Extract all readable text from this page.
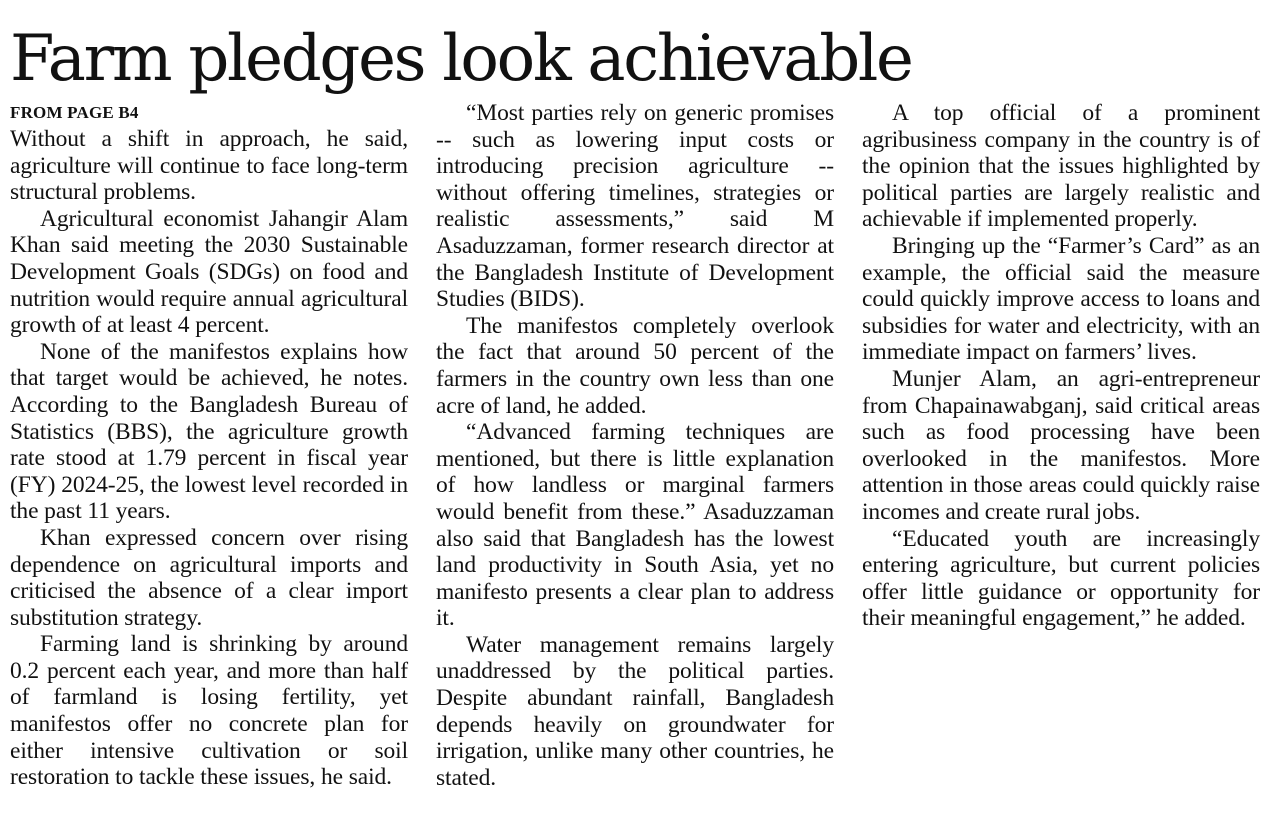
Farm pledges look achievable
FROM PAGE B4

Without a shift in approach, he said, agriculture will continue to face long-term structural problems.

Agricultural economist Jahangir Alam Khan said meeting the 2030 Sustainable Development Goals (SDGs) on food and nutrition would require annual agricultural growth of at least 4 percent.

None of the manifestos explains how that target would be achieved, he notes. According to the Bangladesh Bureau of Statistics (BBS), the agriculture growth rate stood at 1.79 percent in fiscal year (FY) 2024-25, the lowest level recorded in the past 11 years.

Khan expressed concern over rising dependence on agricultural imports and criticised the absence of a clear import substitution strategy.

Farming land is shrinking by around 0.2 percent each year, and more than half of farmland is losing fertility, yet manifestos offer no concrete plan for either intensive cultivation or soil restoration to tackle these issues, he said.

“Most parties rely on generic promises -- such as lowering input costs or introducing precision agriculture -- without offering timelines, strategies or realistic assessments,” said M Asaduzzaman, former research director at the Bangladesh Institute of Development Studies (BIDS).

The manifestos completely overlook the fact that around 50 percent of the farmers in the country own less than one acre of land, he added.

“Advanced farming techniques are mentioned, but there is little explanation of how landless or marginal farmers would benefit from these.” Asaduzzaman also said that Bangladesh has the lowest land productivity in South Asia, yet no manifesto presents a clear plan to address it.

Water management remains largely unaddressed by the political parties. Despite abundant rainfall, Bangladesh depends heavily on groundwater for irrigation, unlike many other countries, he stated.

A top official of a prominent agribusiness company in the country is of the opinion that the issues highlighted by political parties are largely realistic and achievable if implemented properly.

Bringing up the “Farmer’s Card” as an example, the official said the measure could quickly improve access to loans and subsidies for water and electricity, with an immediate impact on farmers’ lives.

Munjer Alam, an agri-entrepreneur from Chapainawabganj, said critical areas such as food processing have been overlooked in the manifestos. More attention in those areas could quickly raise incomes and create rural jobs.

“Educated youth are increasingly entering agriculture, but current policies offer little guidance or opportunity for their meaningful engagement,” he added.
